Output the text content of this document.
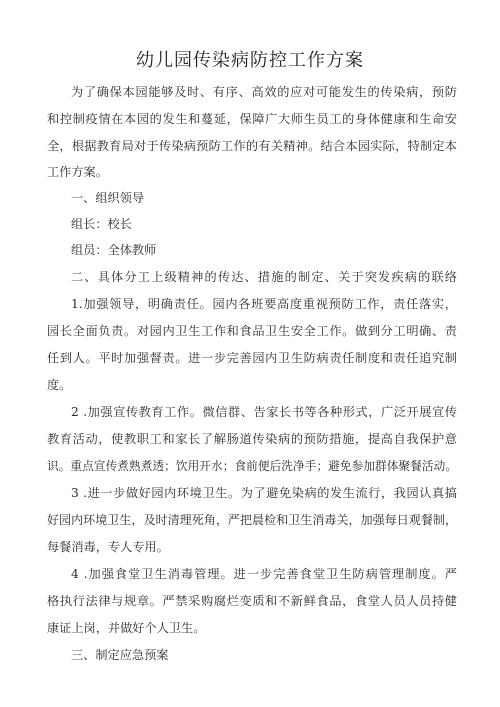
幼儿园传染病防控工作方案
为了确保本园能够及时、有序、高效的应对可能发生的传染病，预防
和控制疫情在本园的发生和蔓延，保障广大师生员工的身体健康和生命安
全，根据教育局对于传染病预防工作的有关精神。结合本园实际，特制定本
工作方案。
一、组织领导
组长：校长
组员：全体教师
二、具体分工上级精神的传达、措施的制定、关于突发疾病的联络
1.加强领导，明确责任。园内各班要高度重视预防工作，责任落实，
园长全面负责。对园内卫生工作和食品卫生安全工作。做到分工明确、责
任到人。平时加强督责。进一步完善园内卫生防病责任制度和责任追究制
度。
2 .加强宣传教育工作。微信群、告家长书等各种形式，广泛开展宣传
教育活动，使教职工和家长了解肠道传染病的预防措施，提高自我保护意
识。重点宣传煮熟煮透；饮用开水；食前便后洗净手；避免参加群体聚餐活动。
3 .进一步做好园内环境卫生。为了避免染病的发生流行，我园认真搞
好园内环境卫生，及时清理死角，严把晨检和卫生消毒关，加强每日观餐制，
每餐消毒，专人专用。
4 .加强食堂卫生消毒管理。进一步完善食堂卫生防病管理制度。严
格执行法律与规章。严禁采购腐烂变质和不新鲜食品，食堂人员人员持健
康证上岗，并做好个人卫生。
三、制定应急预案
